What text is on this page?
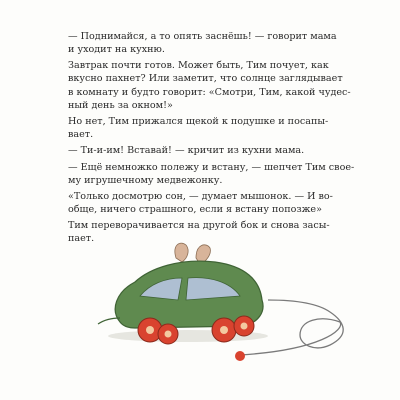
— Поднимайся, а то опять заснёшь! — говорит мама
и уходит на кухню.

Завтрак почти готов. Может быть, Тим почует, как
вкусно пахнет? Или заметит, что солнце заглядывает
в комнату и будто говорит: «Смотри, Тим, какой чудес-
ный день за окном!»

Но нет, Тим прижался щекой к подушке и посапы-
вает.

— Ти-и-им! Вставай! — кричит из кухни мама.

— Ещё немножко полежу и встану, — шепчет Тим свое-
му игрушечному медвежонку.

«Только досмотрю сон, — думает мышонок. — И во-
обще, ничего страшного, если я встану попозже»

Тим переворачивается на другой бок и снова засы-
пает.
